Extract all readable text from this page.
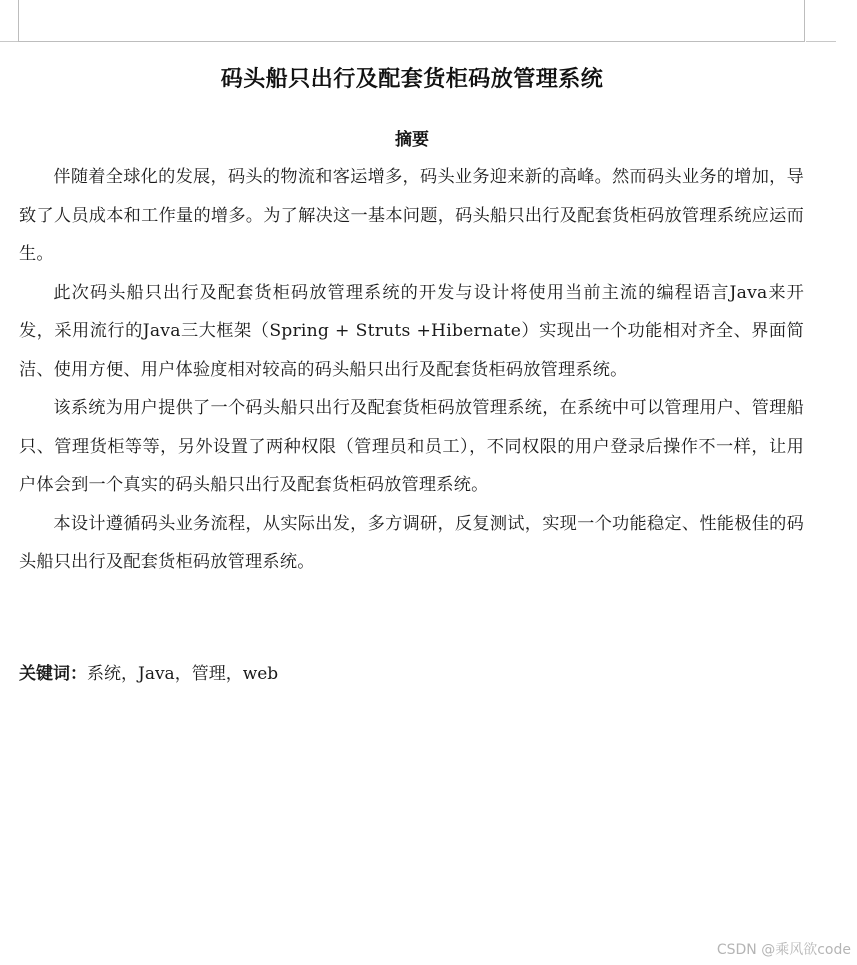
码头船只出行及配套货柜码放管理系统
摘要

伴随着全球化的发展，码头的物流和客运增多，码头业务迎来新的高峰。然而码头业务的增加，导致了人员成本和工作量的增多。为了解决这一基本问题，码头船只出行及配套货柜码放管理系统应运而生。

此次码头船只出行及配套货柜码放管理系统的开发与设计将使用当前主流的编程语言Java来开发，采用流行的Java三大框架（Spring + Struts +Hibernate）实现出一个功能相对齐全、界面简洁、使用方便、用户体验度相对较高的码头船只出行及配套货柜码放管理系统。

该系统为用户提供了一个码头船只出行及配套货柜码放管理系统，在系统中可以管理用户、管理船只、管理货柜等等，另外设置了两种权限（管理员和员工），不同权限的用户登录后操作不一样，让用户体会到一个真实的码头船只出行及配套货柜码放管理系统。

本设计遵循码头业务流程，从实际出发，多方调研，反复测试，实现一个功能稳定、性能极佳的码头船只出行及配套货柜码放管理系统。

关键词：系统，Java，管理，web
CSDN @乘风欲code
